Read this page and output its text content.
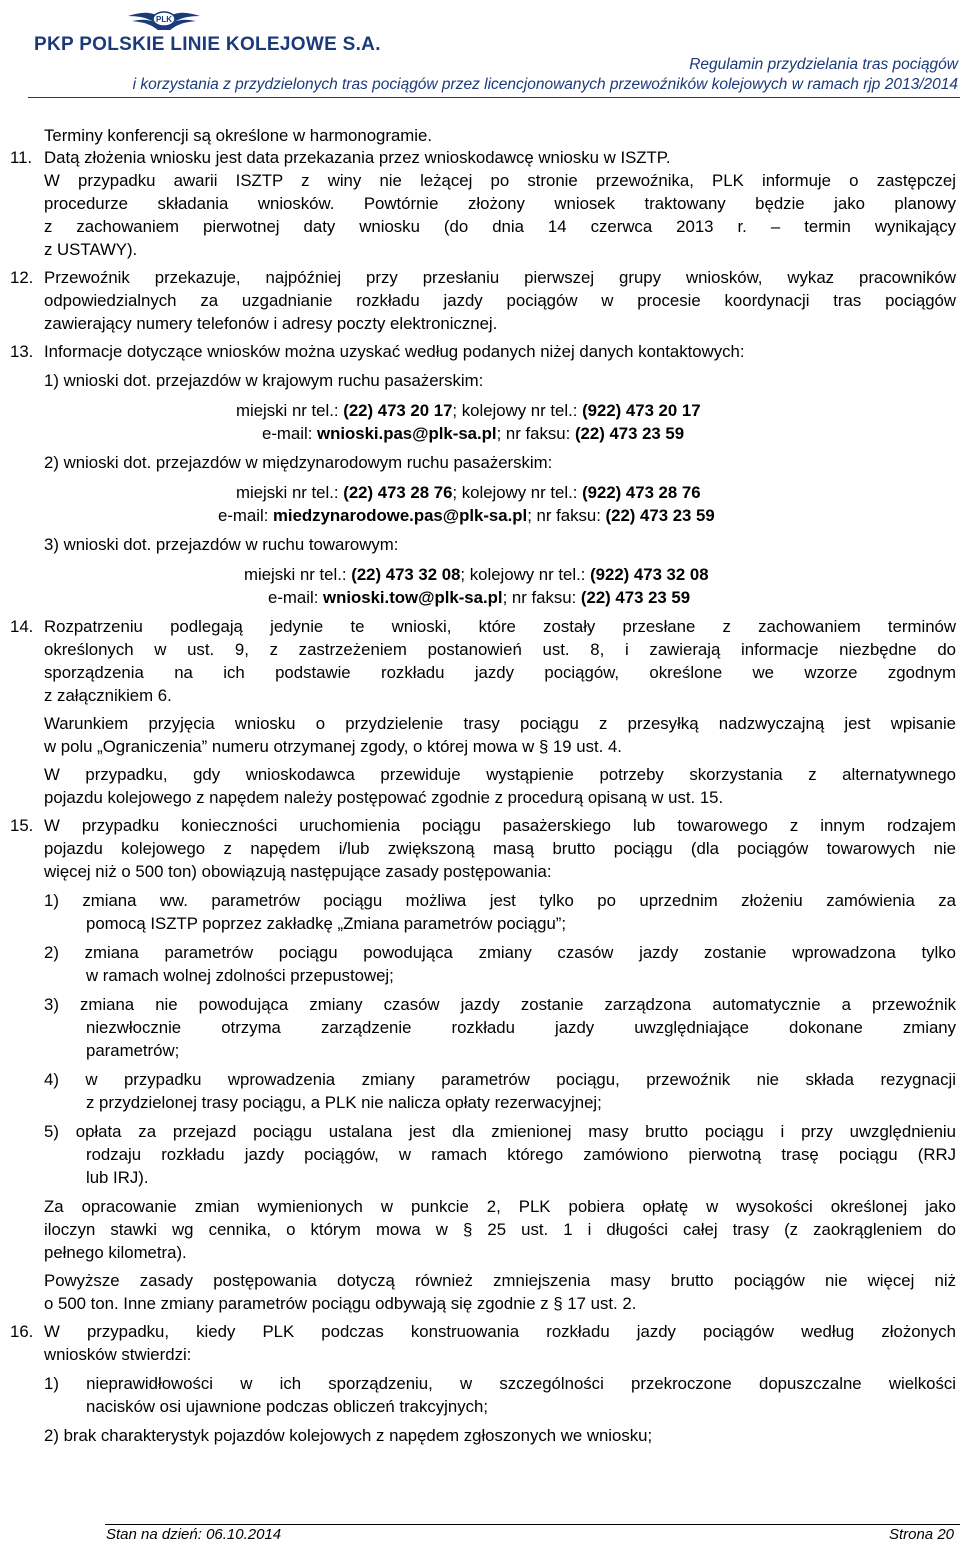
PLK
PKP POLSKIE LINIE KOLEJOWE S.A.
Regulamin przydzielania tras pociągów
i korzystania z przydzielonych tras pociągów przez licencjonowanych przewoźników kolejowych w ramach rjp 2013/2014
Terminy konferencji są określone w harmonogramie.
11. Datą złożenia wniosku jest data przekazania przez wnioskodawcę wniosku w ISZTP.
W przypadku awarii ISZTP z winy nie leżącej po stronie przewoźnika, PLK informuje o zastępczej
procedurze składania wniosków. Powtórnie złożony wniosek traktowany będzie jako planowy
z zachowaniem pierwotnej daty wniosku (do dnia 14 czerwca 2013 r. – termin wynikający
z USTAWY).
12. Przewoźnik przekazuje, najpóźniej przy przesłaniu pierwszej grupy wniosków, wykaz pracowników
odpowiedzialnych za uzgadnianie rozkładu jazdy pociągów w procesie koordynacji tras pociągów
zawierający numery telefonów i adresy poczty elektronicznej.
13. Informacje dotyczące wniosków można uzyskać według podanych niżej danych kontaktowych:
1) wnioski dot. przejazdów w krajowym ruchu pasażerskim:
miejski nr tel.: (22) 473 20 17; kolejowy nr tel.: (922) 473 20 17
e-mail: wnioski.pas@plk-sa.pl; nr faksu: (22) 473 23 59
2) wnioski dot. przejazdów w międzynarodowym ruchu pasażerskim:
miejski nr tel.: (22) 473 28 76; kolejowy nr tel.: (922) 473 28 76
e-mail: miedzynarodowe.pas@plk-sa.pl; nr faksu: (22) 473 23 59
3) wnioski dot. przejazdów w ruchu towarowym:
miejski nr tel.: (22) 473 32 08; kolejowy nr tel.: (922) 473 32 08
e-mail: wnioski.tow@plk-sa.pl; nr faksu: (22) 473 23 59
14. Rozpatrzeniu podlegają jedynie te wnioski, które zostały przesłane z zachowaniem terminów
określonych w ust. 9, z zastrzeżeniem postanowień ust. 8, i zawierają informacje niezbędne do
sporządzenia na ich podstawie rozkładu jazdy pociągów, określone we wzorze zgodnym
z załącznikiem 6.
Warunkiem przyjęcia wniosku o przydzielenie trasy pociągu z przesyłką nadzwyczajną jest wpisanie
w polu „Ograniczenia” numeru otrzymanej zgody, o której mowa w § 19 ust. 4.
W przypadku, gdy wnioskodawca przewiduje wystąpienie potrzeby skorzystania z alternatywnego
pojazdu kolejowego z napędem należy postępować zgodnie z procedurą opisaną w ust. 15.
15. W przypadku konieczności uruchomienia pociągu pasażerskiego lub towarowego z innym rodzajem
pojazdu kolejowego z napędem i/lub zwiększoną masą brutto pociągu (dla pociągów towarowych nie
więcej niż o 500 ton) obowiązują następujące zasady postępowania:
1) zmiana ww. parametrów pociągu możliwa jest tylko po uprzednim złożeniu zamówienia za
pomocą ISZTP poprzez zakładkę „Zmiana parametrów pociągu”;
2) zmiana parametrów pociągu powodująca zmiany czasów jazdy zostanie wprowadzona tylko
w ramach wolnej zdolności przepustowej;
3) zmiana nie powodująca zmiany czasów jazdy zostanie zarządzona automatycznie a przewoźnik
niezwłocznie otrzyma zarządzenie rozkładu jazdy uwzględniające dokonane zmiany
parametrów;
4) w przypadku wprowadzenia zmiany parametrów pociągu, przewoźnik nie składa rezygnacji
z przydzielonej trasy pociągu, a PLK nie nalicza opłaty rezerwacyjnej;
5) opłata za przejazd pociągu ustalana jest dla zmienionej masy brutto pociągu i przy uwzględnieniu
rodzaju rozkładu jazdy pociągów, w ramach którego zamówiono pierwotną trasę pociągu (RRJ
lub IRJ).
Za opracowanie zmian wymienionych w punkcie 2, PLK pobiera opłatę w wysokości określonej jako
iloczyn stawki wg cennika, o którym mowa w § 25 ust. 1 i długości całej trasy (z zaokrągleniem do
pełnego kilometra).
Powyższe zasady postępowania dotyczą również zmniejszenia masy brutto pociągów nie więcej niż
o 500 ton. Inne zmiany parametrów pociągu odbywają się zgodnie z § 17 ust. 2.
16. W przypadku, kiedy PLK podczas konstruowania rozkładu jazdy pociągów według złożonych
wniosków stwierdzi:
1) nieprawidłowości w ich sporządzeniu, w szczególności przekroczone dopuszczalne wielkości
nacisków osi ujawnione podczas obliczeń trakcyjnych;
2) brak charakterystyk pojazdów kolejowych z napędem zgłoszonych we wniosku;
Stan na dzień: 06.10.2014	Strona 20
